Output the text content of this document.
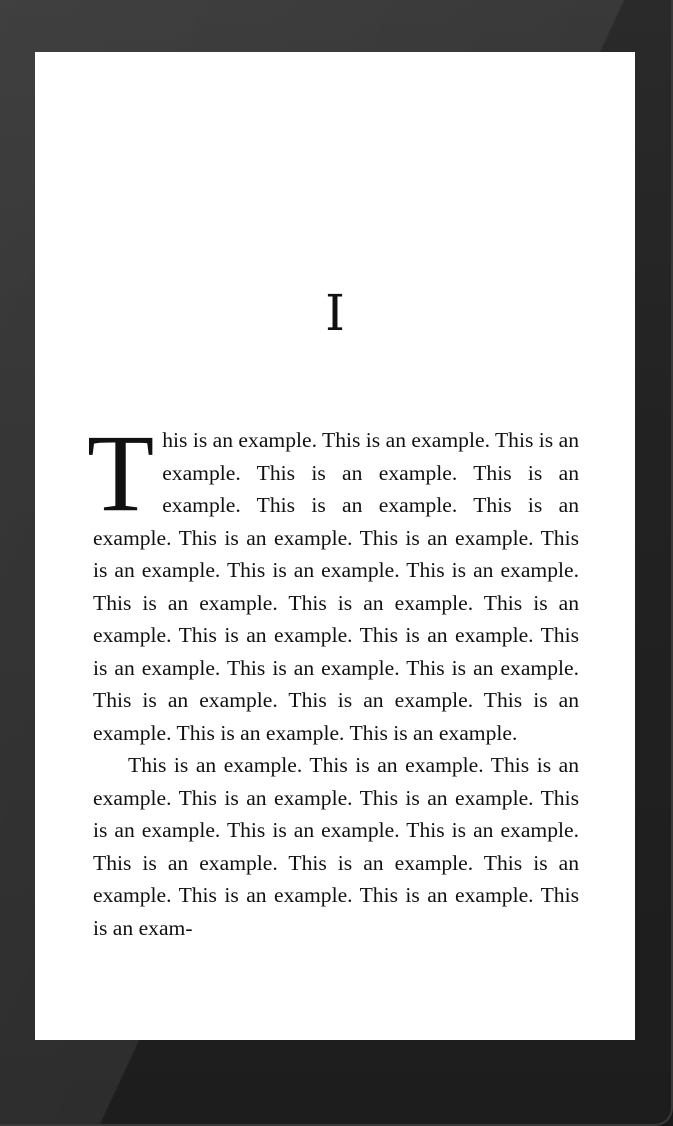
I

This is an example. This is an example. This is an example. This is an example. This is an example. This is an example. This is an example. This is an example. This is an example. This is an example. This is an example. This is an example. This is an example. This is an example. This is an example. This is an example. This is an example. This is an example. This is an example. This is an example. This is an example. This is an example. This is an example. This is an example. This is an example.

This is an example. This is an example. This is an example. This is an example. This is an example. This is an example. This is an example. This is an example. This is an example. This is an example. This is an example. This is an example. This is an example. This is an exam-
